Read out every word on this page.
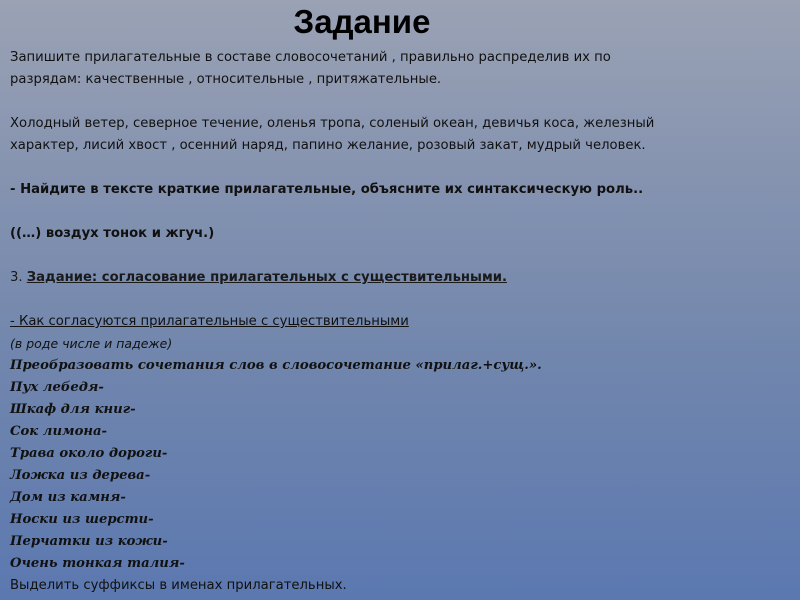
Задание

Запишите прилагательные в составе словосочетаний , правильно распределив их по

разрядам: качественные , относительные , притяжательные.

Холодный ветер, северное течение, оленья тропа, соленый океан, девичья коса, железный

характер, лисий хвост , осенний наряд, папино желание, розовый закат, мудрый человек.

- Найдите в тексте краткие прилагательные, объясните их синтаксическую роль..

((…) воздух тонок и жгуч.)

3. Задание: согласование прилагательных с существительными.

- Как согласуются прилагательные с существительными

(в роде числе и падеже)

Преобразовать сочетания слов в словосочетание «прилаг.+сущ.».

Пух лебедя-

Шкаф для книг-

Сок лимона-

Трава около дороги-

Ложка из дерева-

Дом из камня-

Носки из шерсти-

Перчатки из кожи-

Очень тонкая талия-

Выделить суффиксы в именах прилагательных.
